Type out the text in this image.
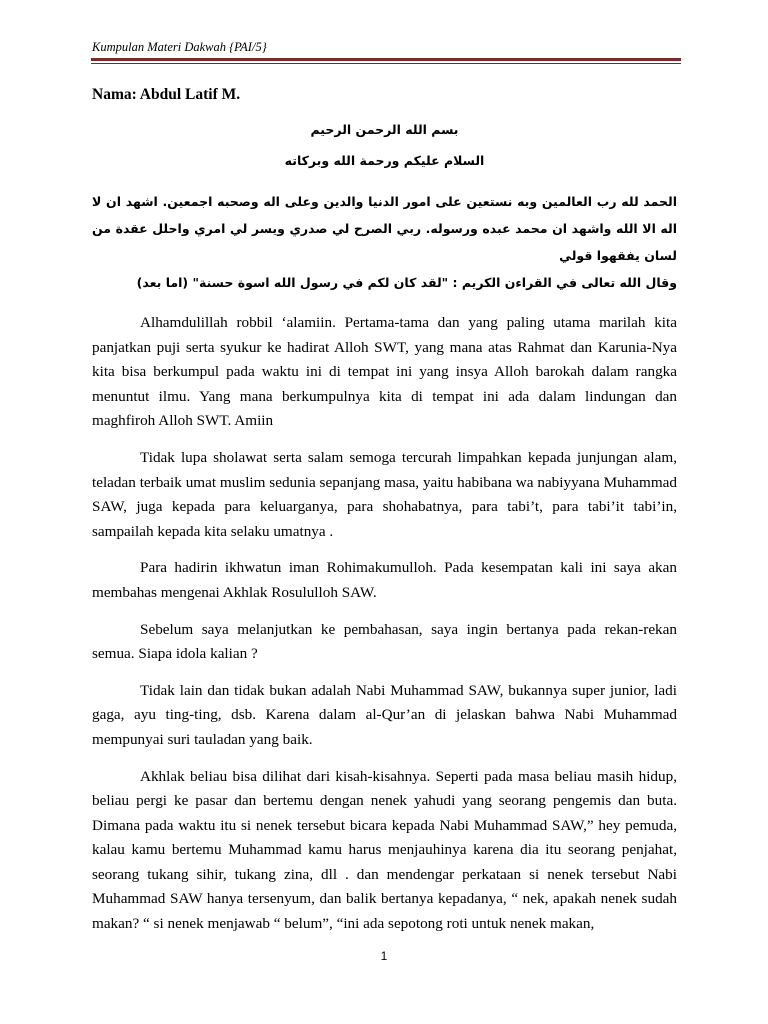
Kumpulan Materi Dakwah {PAI/5}

Nama: Abdul Latif M.

بسم الله الرحمن الرحيم

السلام عليكم ورحمة الله وبركاته

الحمد لله رب العالمين وبه نستعين على امور الدنيا والدين وعلى اله وصحبه اجمعين. اشهد ان لا اله الا الله واشهد ان محمد عبده ورسوله. ربي الصرح لي صدري ويسر لي امري واحلل عقدة من لسان يفقهوا قولي

وقال الله تعالى في القراءن الكريم : "لقد كان لكم في رسول الله اسوة حسنة" (اما بعد)

Alhamdulillah robbil ‘alamiin. Pertama-tama dan yang paling utama marilah kita panjatkan puji serta syukur ke hadirat Alloh SWT, yang mana atas Rahmat dan Karunia-Nya kita bisa berkumpul pada waktu ini di tempat ini yang insya Alloh barokah dalam rangka menuntut ilmu. Yang mana berkumpulnya kita di tempat ini ada dalam lindungan dan maghfiroh Alloh SWT. Amiin

Tidak lupa sholawat serta salam semoga tercurah limpahkan kepada junjungan alam, teladan terbaik umat muslim sedunia sepanjang masa, yaitu habibana wa nabiyyana Muhammad SAW, juga kepada para keluarganya, para shohabatnya, para tabi’t, para tabi’it tabi’in, sampailah kepada kita selaku umatnya .

Para hadirin ikhwatun iman Rohimakumulloh. Pada kesempatan kali ini saya akan membahas mengenai Akhlak Rosululloh SAW.

Sebelum saya melanjutkan ke pembahasan, saya ingin bertanya pada rekan-rekan semua. Siapa idola kalian ?

Tidak lain dan tidak bukan adalah Nabi Muhammad SAW, bukannya super junior, ladi gaga, ayu ting-ting, dsb. Karena dalam al-Qur’an di jelaskan bahwa Nabi Muhammad mempunyai suri tauladan yang baik.

Akhlak beliau bisa dilihat dari kisah-kisahnya. Seperti pada masa beliau masih hidup, beliau pergi ke pasar dan bertemu dengan nenek yahudi yang seorang pengemis dan buta. Dimana pada waktu itu si nenek tersebut bicara kepada Nabi Muhammad SAW,” hey pemuda, kalau kamu bertemu Muhammad kamu harus menjauhinya karena dia itu seorang penjahat, seorang tukang sihir, tukang zina, dll . dan mendengar perkataan si nenek tersebut Nabi Muhammad SAW hanya tersenyum, dan balik bertanya kepadanya, “ nek, apakah nenek sudah makan? “ si nenek menjawab “ belum”, “ini ada sepotong roti untuk nenek makan,

1
